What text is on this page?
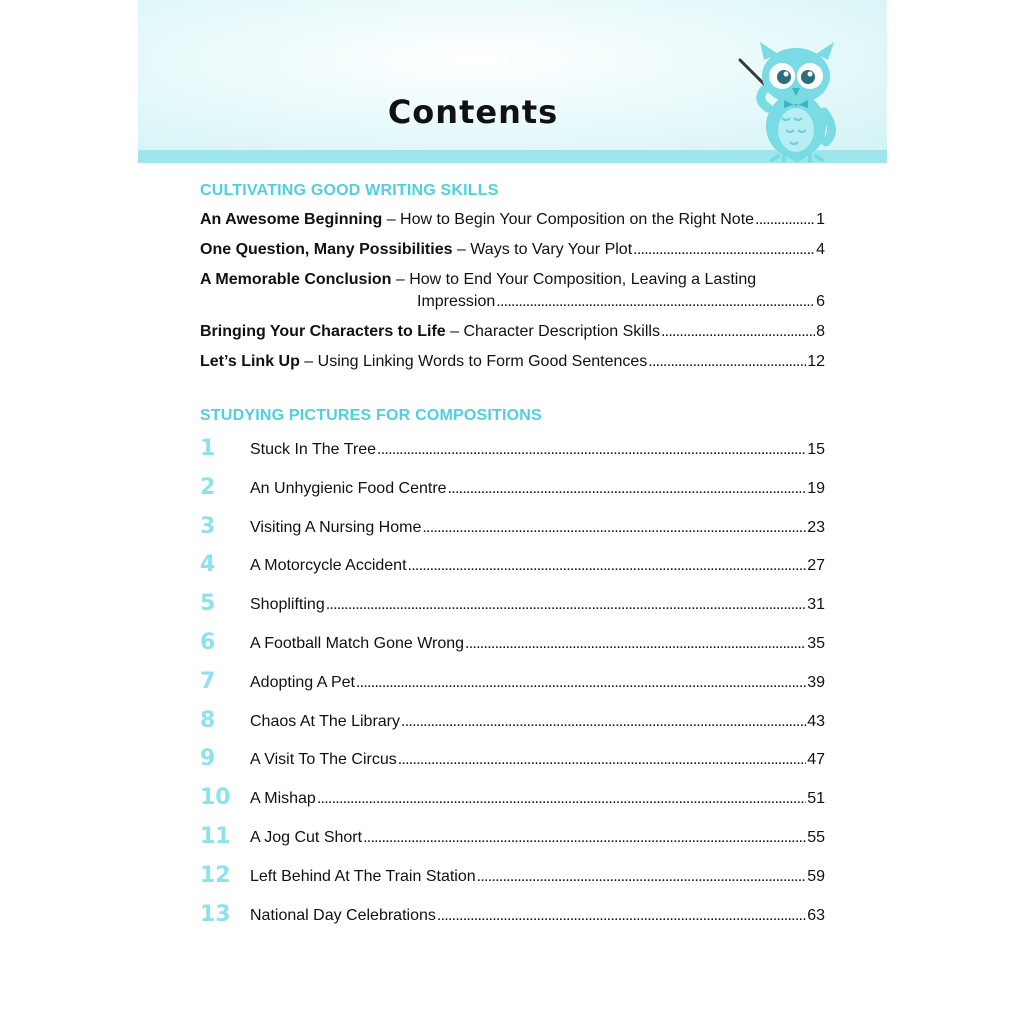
Contents
CULTIVATING GOOD WRITING SKILLS
An Awesome Beginning – How to Begin Your Composition on the Right Note . . .	1
One Question, Many Possibilities – Ways to Vary Your Plot . . .	4
A Memorable Conclusion – How to End Your Composition, Leaving a Lasting
Impression . . .	6
Bringing Your Characters to Life – Character Description Skills . . .	8
Let’s Link Up – Using Linking Words to Form Good Sentences . . .	12
STUDYING PICTURES FOR COMPOSITIONS
1	Stuck In The Tree . . .	15
2	An Unhygienic Food Centre . . .	19
3	Visiting A Nursing Home . . .	23
4	A Motorcycle Accident . . .	27
5	Shoplifting . . .	31
6	A Football Match Gone Wrong . . .	35
7	Adopting A Pet . . .	39
8	Chaos At The Library . . .	43
9	A Visit To The Circus . . .	47
10	A Mishap . . .	51
11	A Jog Cut Short . . .	55
12	Left Behind At The Train Station . . .	59
13	National Day Celebrations . . .	63
